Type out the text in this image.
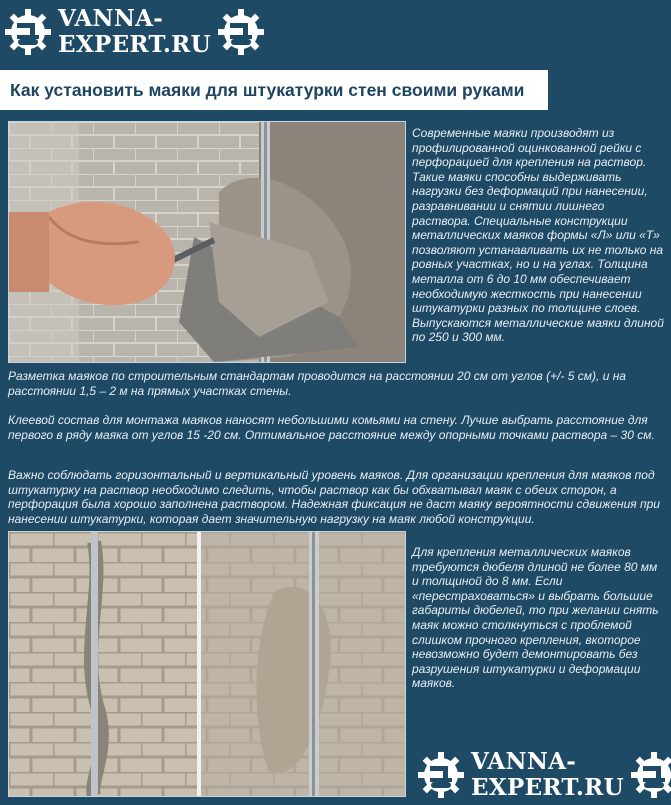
VANNA-
EXPERT.RU
Как установить маяки для штукатурки стен своими руками

Современные маяки производят из профилированной оцинкованной рейки с перфорацией для крепления на раствор. Такие маяки способны выдерживать нагрузки без деформаций при нанесении, разравнивании и снятии лишнего раствора. Специальные конструкции металлических маяков формы «Л» или «Т» позволяют устанавливать их не только на ровных участках, но и на углах. Толщина металла от 6 до 10 мм обеспечивает необходимую жесткость при нанесении штукатурки разных по толщине слоев. Выпускаются металлические маяки длиной по 250 и 300 мм.

Разметка маяков по строительным стандартам проводится на расстоянии 20 см от углов (+/- 5 см), и на расстоянии 1,5 – 2 м на прямых участках стены.

Клеевой состав для монтажа маяков наносят небольшими комьями на стену. Лучше выбрать расстояние для первого в ряду маяка от углов 15 -20 см. Оптимальное расстояние между опорными точками раствора – 30 см.

Важно соблюдать горизонтальный и вертикальный уровень маяков. Для организации крепления для маяков под штукатурку на раствор необходимо следить, чтобы раствор как бы обхватывал маяк с обеих сторон, а перфорация была хорошо заполнена раствором. Надежная фиксация не даст маяку вероятности сдвижения при нанесении штукатурки, которая дает значительную нагрузку на маяк любой конструкции.

Для крепления металлических маяков требуются дюбеля длиной не более 80 мм и толщиной до 8 мм. Если «перестраховаться» и выбрать большие габариты дюбелей, то при желании снять маяк можно столкнуться с проблемой слишком прочного крепления, вкоторое невозможно будет демонтировать без разрушения штукатурки и деформации маяков.

VANNA-
EXPERT.RU
